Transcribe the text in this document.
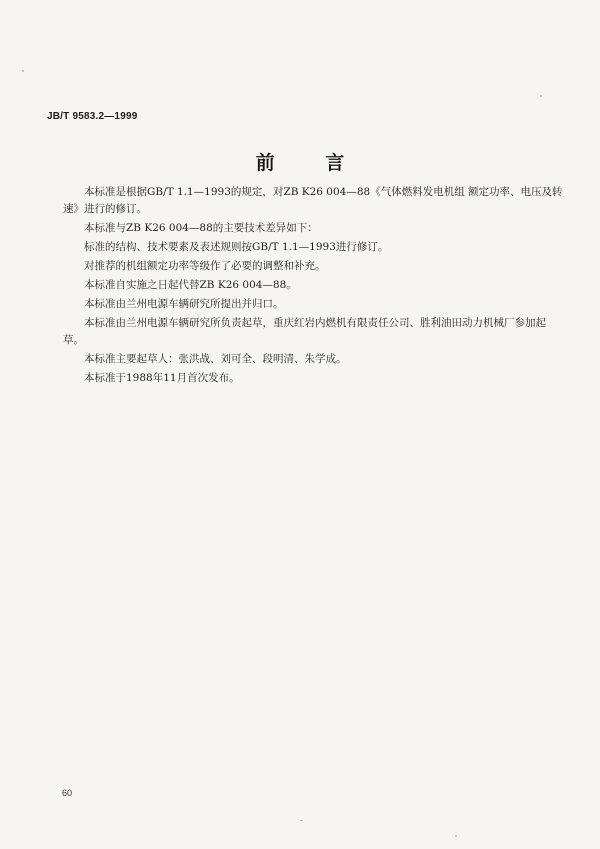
JB/T 9583.2—1999
前 言

本标准是根据GB/T 1.1—1993的规定，对ZB K26 004—88《气体燃料发电机组 额定功率、电压及转速》进行的修订。

本标准与ZB K26 004—88的主要技术差异如下：

标准的结构、技术要素及表述规则按GB/T 1.1—1993进行修订。

对推荐的机组额定功率等级作了必要的调整和补充。

本标准自实施之日起代替ZB K26 004—88。

本标准由兰州电源车辆研究所提出并归口。

本标准由兰州电源车辆研究所负责起草，重庆红岩内燃机有限责任公司、胜利油田动力机械厂参加起草。

本标准主要起草人：张洪战、刘可全、段明清、朱学成。

本标准于1988年11月首次发布。

60
